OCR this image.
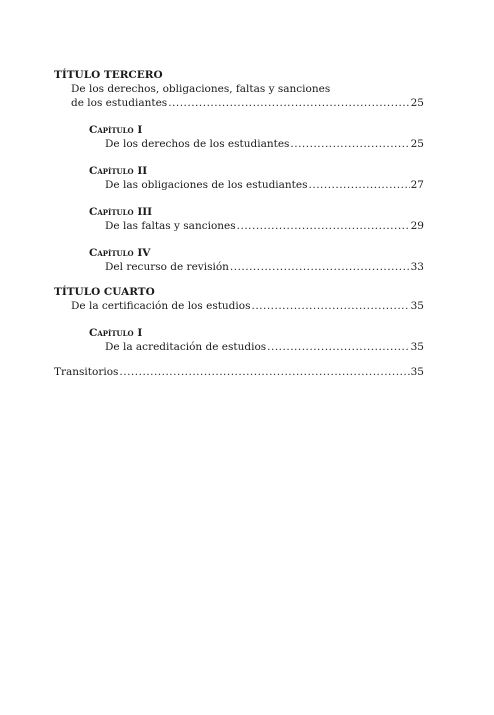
TÍTULO TERCERO
De los derechos, obligaciones, faltas y sanciones
de los estudiantes .....	25
Capítulo I
De los derechos de los estudiantes .....	25
Capítulo II
De las obligaciones de los estudiantes .....	27
Capítulo III
De las faltas y sanciones .....	29
Capítulo IV
Del recurso de revisión .....	33
TÍTULO CUARTO
De la certificación de los estudios .....	35
Capítulo I
De la acreditación de estudios .....	35
Transitorios .....	35
